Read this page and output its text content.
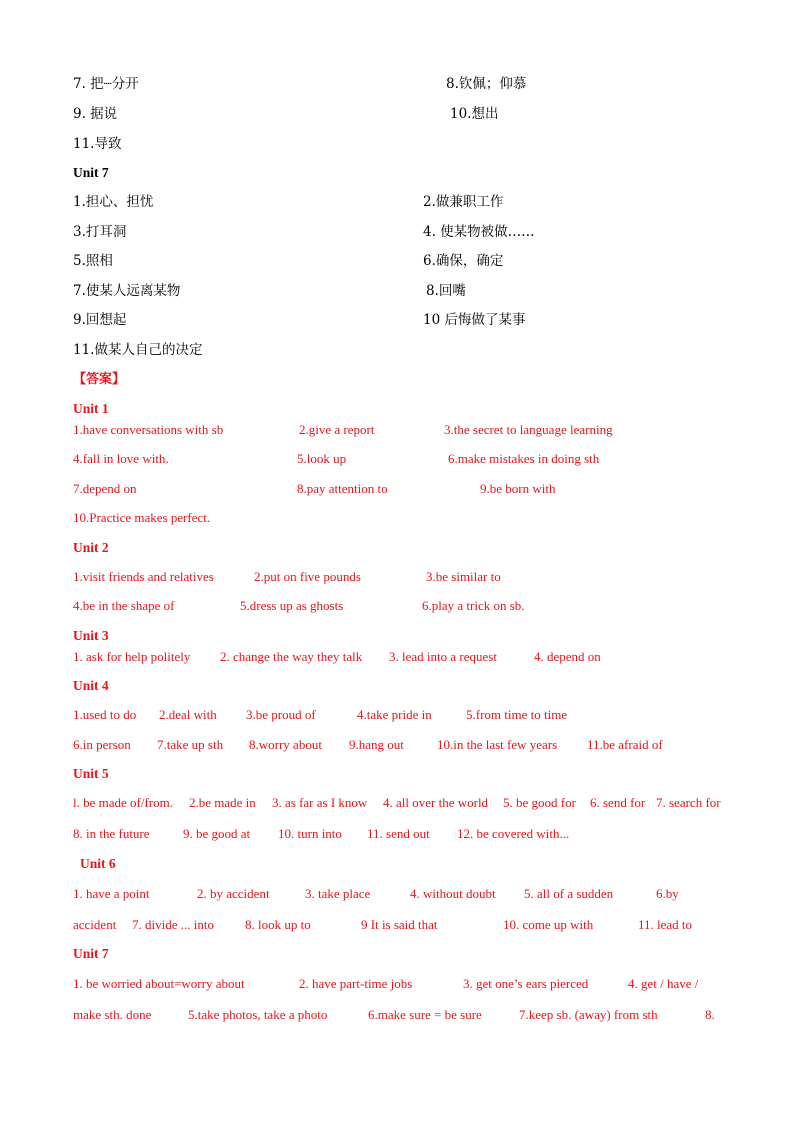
7. 把┈分开	8.钦佩；仰慕
9. 据说	10.想出
11.导致
Unit 7
1.担心、担忧	2.做兼职工作
3.打耳洞	4. 使某物被做……
5.照相	6.确保，确定
7.使某人远离某物	8.回嘴
9.回想起	10 后悔做了某事
11.做某人自己的决定
【答案】
Unit 1
1.have conversations with sb	2.give a report	3.the secret to language learning
4.fall in love with.	5.look up	6.make mistakes in doing sth
7.depend on	8.pay attention to	9.be born with
10.Practice makes perfect.
Unit 2
1.visit friends and relatives	2.put on five pounds	3.be similar to
4.be in the shape of	5.dress up as ghosts	6.play a trick on sb.
Unit 3
1. ask for help politely 2. change the way they talk 3. lead into a request	4. depend on
Unit 4
1.used to do 2.deal with 3.be proud of	4.take pride in	5.from time to time
6.in person 7.take up sth 8.worry about 9.hang out	10.in the last few years 11.be afraid of
Unit 5
l. be made of/from. 2.be made in 3. as far as I know 4. all over the world 5. be good for 6. send for 7. search for
8. in the future	9. be good at 10. turn into 11. send out 12. be covered with...
Unit 6
1. have a point	2. by accident	3. take place	4. without doubt 5. all of a sudden	6.by
accident 7. divide ... into 8. look up to	9 It is said that	10. come up with	11. lead to
Unit 7
1. be worried about=worry about	2. have part-time jobs	3. get one’s ears pierced	4. get / have /
make sth. done	5.take photos, take a photo	6.make sure = be sure	7.keep sb. (away) from sth	8.
